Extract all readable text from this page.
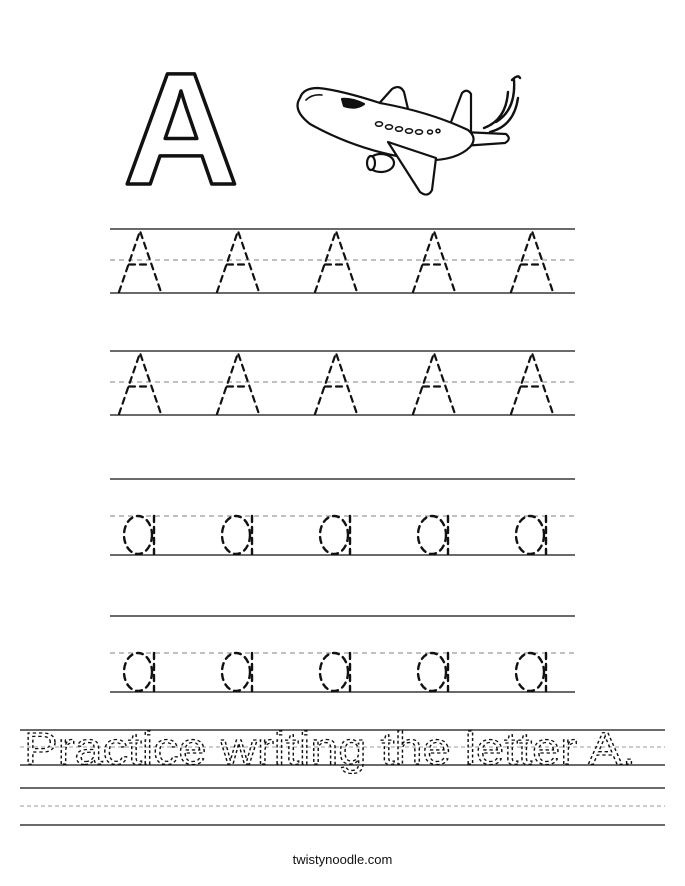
A
Practice writing the letter A.
twistynoodle.com
